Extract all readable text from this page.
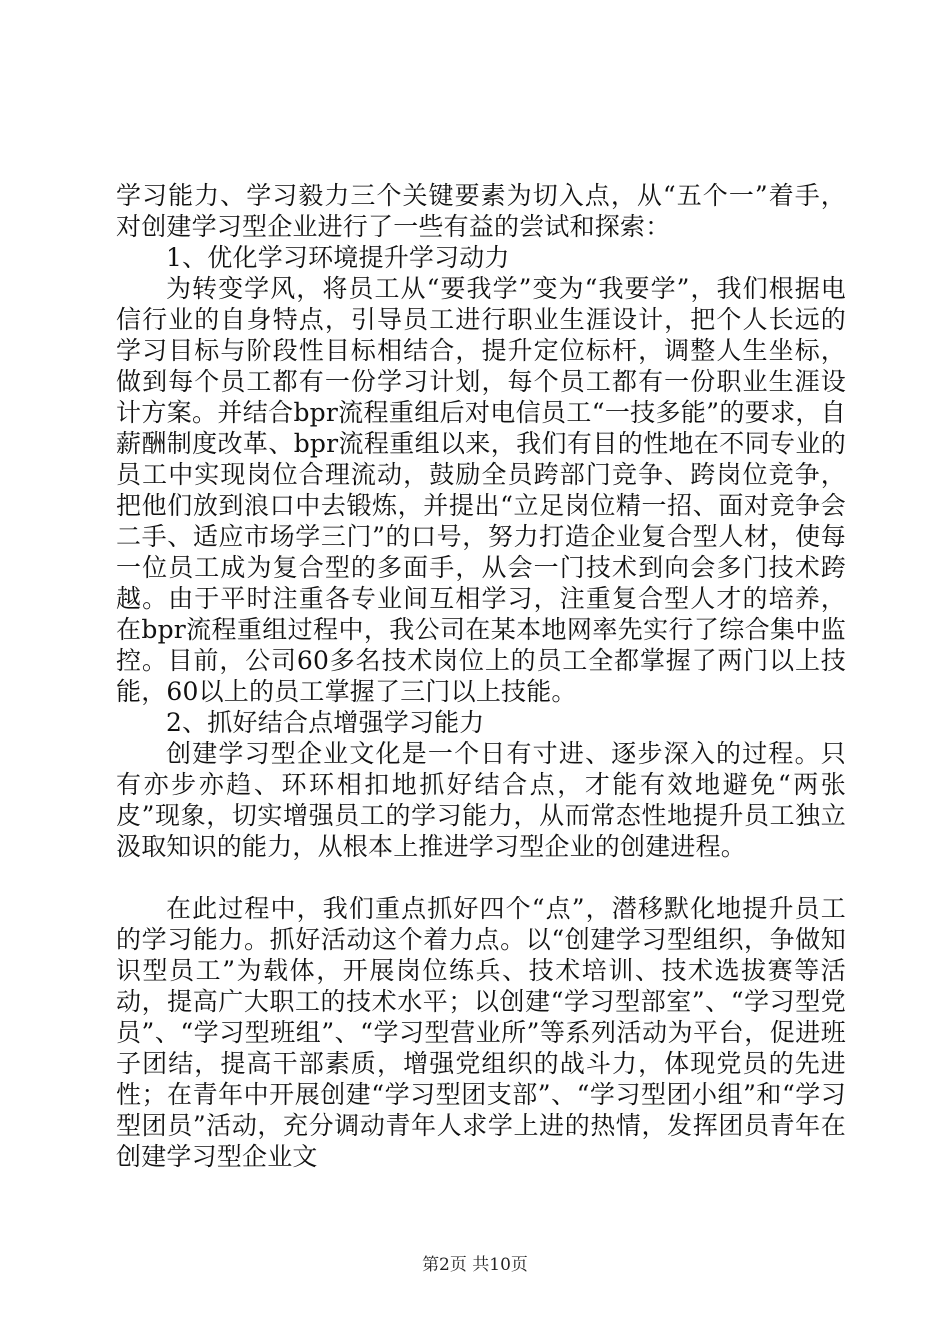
学习能力、学习毅力三个关键要素为切入点，从“五个一”着手，对创建学习型企业进行了一些有益的尝试和探索：

1、优化学习环境提升学习动力

为转变学风，将员工从“要我学”变为“我要学”，我们根据电信行业的自身特点，引导员工进行职业生涯设计，把个人长远的学习目标与阶段性目标相结合，提升定位标杆，调整人生坐标，做到每个员工都有一份学习计划，每个员工都有一份职业生涯设计方案。并结合bpr流程重组后对电信员工“一技多能”的要求，自薪酬制度改革、bpr流程重组以来，我们有目的性地在不同专业的员工中实现岗位合理流动，鼓励全员跨部门竞争、跨岗位竞争，把他们放到浪口中去锻炼，并提出“立足岗位精一招、面对竞争会二手、适应市场学三门”的口号，努力打造企业复合型人材，使每一位员工成为复合型的多面手，从会一门技术到向会多门技术跨越。由于平时注重各专业间互相学习，注重复合型人才的培养，在bpr流程重组过程中，我公司在某本地网率先实行了综合集中监控。目前，公司60多名技术岗位上的员工全都掌握了两门以上技能，60以上的员工掌握了三门以上技能。

2、抓好结合点增强学习能力

创建学习型企业文化是一个日有寸进、逐步深入的过程。只有亦步亦趋、环环相扣地抓好结合点，才能有效地避免“两张皮”现象，切实增强员工的学习能力，从而常态性地提升员工独立汲取知识的能力，从根本上推进学习型企业的创建进程。

在此过程中，我们重点抓好四个“点”，潜移默化地提升员工的学习能力。抓好活动这个着力点。以“创建学习型组织，争做知识型员工”为载体，开展岗位练兵、技术培训、技术选拔赛等活动，提高广大职工的技术水平；以创建“学习型部室”、“学习型党员”、“学习型班组”、“学习型营业所”等系列活动为平台，促进班子团结，提高干部素质，增强党组织的战斗力，体现党员的先进性；在青年中开展创建“学习型团支部”、“学习型团小组”和“学习型团员”活动，充分调动青年人求学上进的热情，发挥团员青年在创建学习型企业文

第2页 共10页
